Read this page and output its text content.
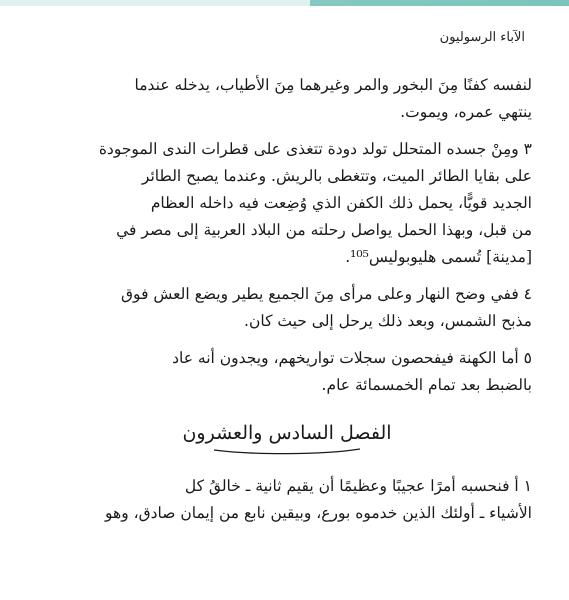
الآباء الرسوليون

لنفسه كفنًا مِنَ البخور والمر وغيرهما مِنَ الأطياب، يدخله عندما
ينتهي عمره، ويموت.

٣ ومِنْ جسده المتحلل تولد دودة تتغذى على قطرات الندى الموجودة
على بقايا الطائر الميت، وتتغطى بالريش. وعندما يصبح الطائر
الجديد قويًّا، يحمل ذلك الكفن الذي وُضِعت فيه داخله العظام
من قبل، وبهذا الحمل يواصل رحلته من البلاد العربية إلى مصر في
[مدينة] تُسمى هليوبوليس¹⁰⁵.

٤ ففي وضح النهار وعلى مرأى مِنَ الجميع يطير ويضع العش فوق
مذبح الشمس، وبعد ذلك يرحل إلى حيث كان.

٥ أما الكهنة فيفحصون سجلات تواريخهم، ويجدون أنه عاد
بالضبط بعد تمام الخمسمائة عام.

الفصل السادس والعشرون

١ أ فنحسبه أمرًا عجيبًا وعظيمًا أن يقيم ثانية ـ خالقُ كل
الأشياء ـ أولئك الذين خدموه بورع، وبيقين نابع من إيمان صادق، وهو
